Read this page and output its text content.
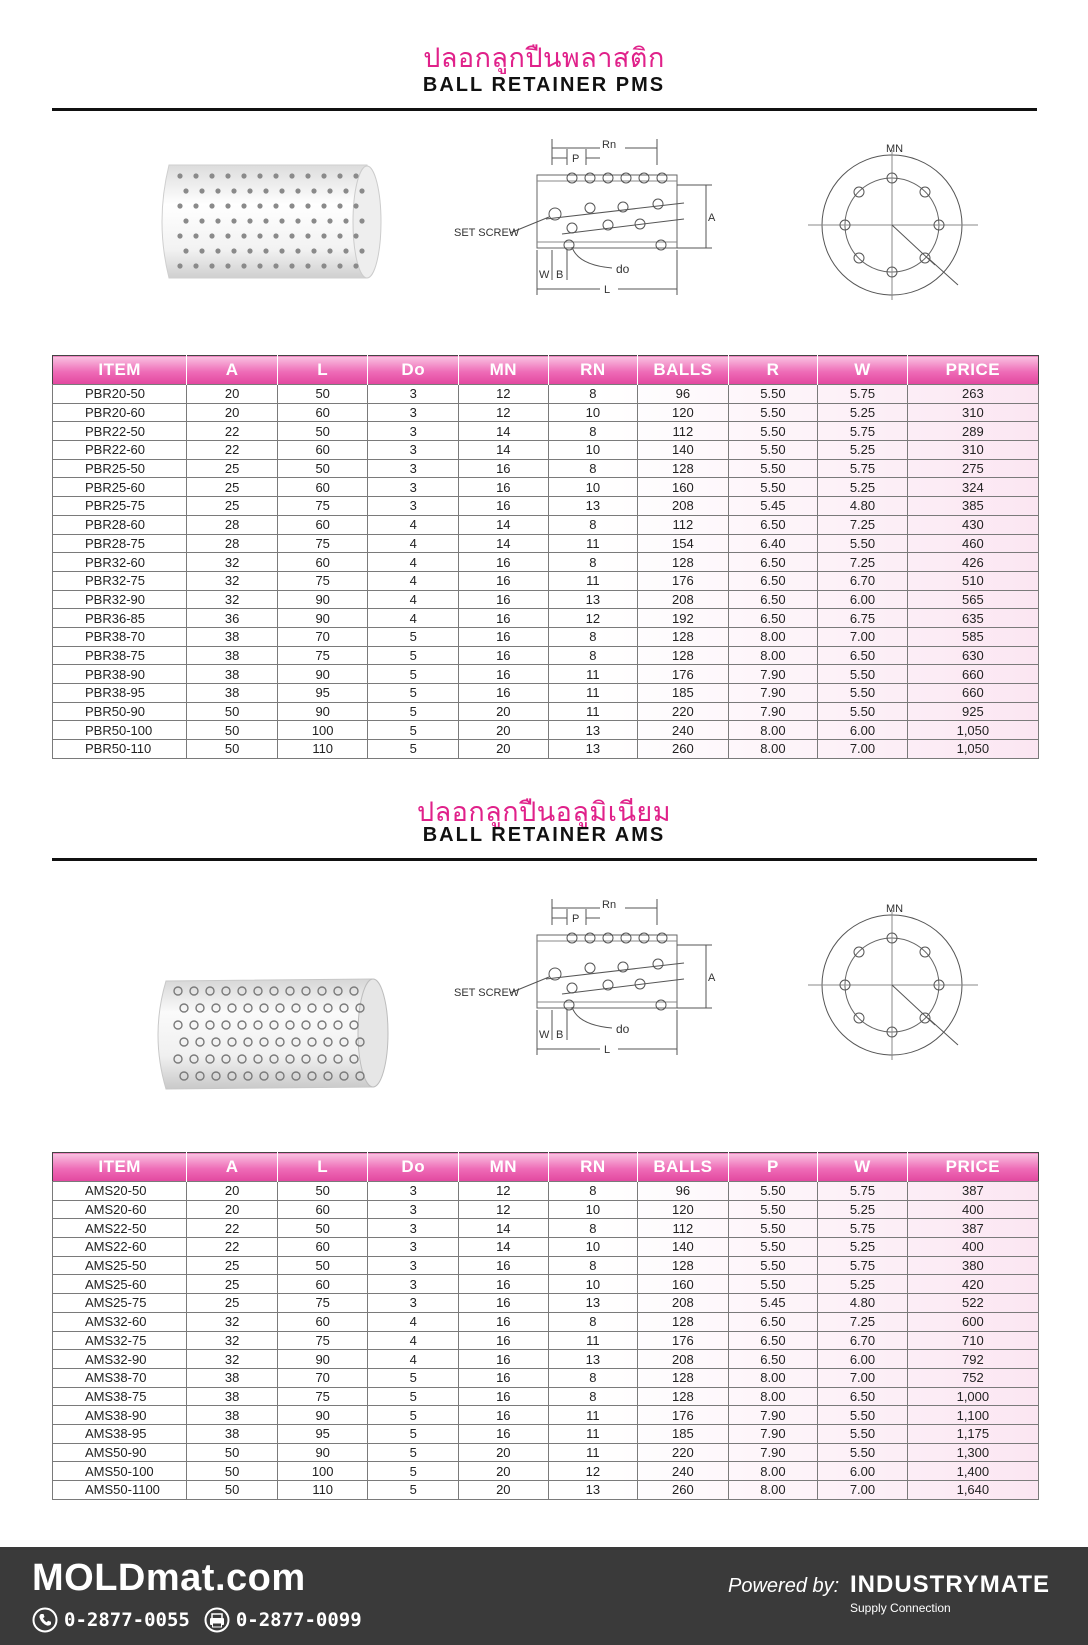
ปลอกลูกปืนพลาสติก
BALL RETAINER PMS
Rn
P
SET SCREW
A
W B	do
L
MN
ITEM	A	L	Do	MN	RN	BALLS	R	W	PRICE
PBR20-50	20	50	3	12	8	96	5.50	5.75	263
PBR20-60	20	60	3	12	10	120	5.50	5.25	310
PBR22-50	22	50	3	14	8	112	5.50	5.75	289
PBR22-60	22	60	3	14	10	140	5.50	5.25	310
PBR25-50	25	50	3	16	8	128	5.50	5.75	275
PBR25-60	25	60	3	16	10	160	5.50	5.25	324
PBR25-75	25	75	3	16	13	208	5.45	4.80	385
PBR28-60	28	60	4	14	8	112	6.50	7.25	430
PBR28-75	28	75	4	14	11	154	6.40	5.50	460
PBR32-60	32	60	4	16	8	128	6.50	7.25	426
PBR32-75	32	75	4	16	11	176	6.50	6.70	510
PBR32-90	32	90	4	16	13	208	6.50	6.00	565
PBR36-85	36	90	4	16	12	192	6.50	6.75	635
PBR38-70	38	70	5	16	8	128	8.00	7.00	585
PBR38-75	38	75	5	16	8	128	8.00	6.50	630
PBR38-90	38	90	5	16	11	176	7.90	5.50	660
PBR38-95	38	95	5	16	11	185	7.90	5.50	660
PBR50-90	50	90	5	20	11	220	7.90	5.50	925
PBR50-100	50	100	5	20	13	240	8.00	6.00	1,050
PBR50-110	50	110	5	20	13	260	8.00	7.00	1,050
ปลอกลูกปืนอลูมิเนียม
BALL RETAINER AMS
Rn
P
SET SCREW
A
W B	do
L
MN
ITEM	A	L	Do	MN	RN	BALLS	P	W	PRICE
AMS20-50	20	50	3	12	8	96	5.50	5.75	387
AMS20-60	20	60	3	12	10	120	5.50	5.25	400
AMS22-50	22	50	3	14	8	112	5.50	5.75	387
AMS22-60	22	60	3	14	10	140	5.50	5.25	400
AMS25-50	25	50	3	16	8	128	5.50	5.75	380
AMS25-60	25	60	3	16	10	160	5.50	5.25	420
AMS25-75	25	75	3	16	13	208	5.45	4.80	522
AMS32-60	32	60	4	16	8	128	6.50	7.25	600
AMS32-75	32	75	4	16	11	176	6.50	6.70	710
AMS32-90	32	90	4	16	13	208	6.50	6.00	792
AMS38-70	38	70	5	16	8	128	8.00	7.00	752
AMS38-75	38	75	5	16	8	128	8.00	6.50	1,000
AMS38-90	38	90	5	16	11	176	7.90	5.50	1,100
AMS38-95	38	95	5	16	11	185	7.90	5.50	1,175
AMS50-90	50	90	5	20	11	220	7.90	5.50	1,300
AMS50-100	50	100	5	20	12	240	8.00	6.00	1,400
AMS50-1100	50	110	5	20	13	260	8.00	7.00	1,640
MOLDmat.com
0-2877-0055 0-2877-0099
Powered by: INDUSTRYMATE
Supply Connection
